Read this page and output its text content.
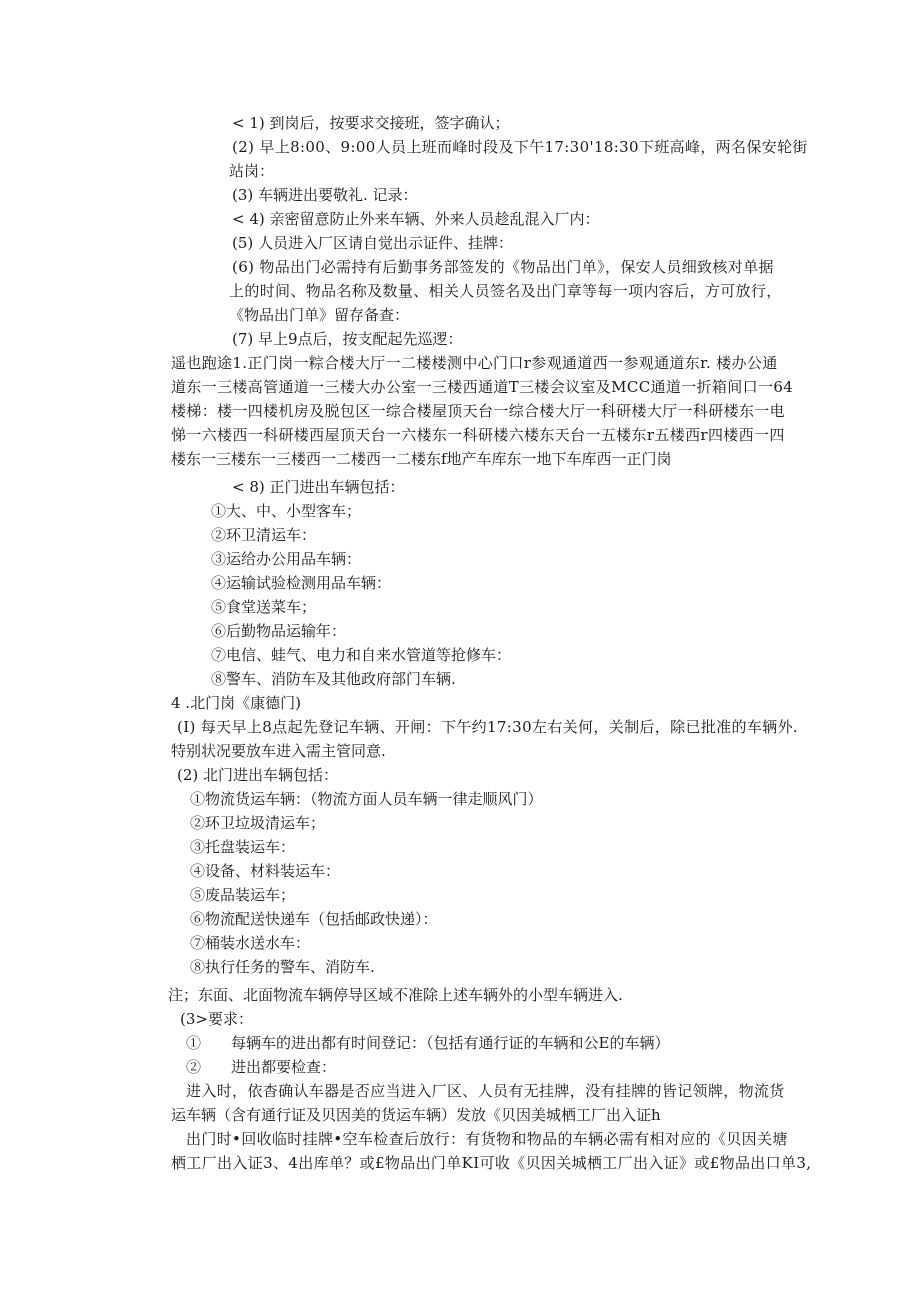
< 1) 到岗后，按要求交接班，签字确认；
(2) 早上8:00、9:00人员上班而峰时段及下午17:30'18:30下班高峰，两名保安轮街
站岗：
(3) 车辆进出要敬礼. 记录：
< 4) 亲密留意防止外来车辆、外来人员趁乱混入厂内：
(5) 人员进入厂区请自觉出示证件、挂牌：
(6) 物品出门必需持有后勤事务部签发的《物品出门单》，保安人员细致核对单据
上的时间、物品名称及数量、相关人员签名及出门章等每一项内容后，方可放行，
《物品出门单》留存备查：
(7) 早上9点后，按支配起先巡逻：
遥也跑途1.正门岗一粽合楼大厅一二楼楼测中心门口r参观通道西一参观通道东r. 楼办公通
道东一三楼高管通道一三楼大办公室一三楼西通道T三楼会议室及MCC通道一折箱间口一64
楼梯：楼一四楼机房及脱包区一综合楼屋顶天台一综合楼大厅一科研楼大厅一科研楼东一电
悌一六楼西一科研楼西屋顶天台一六楼东一科研楼六楼东天台一五楼东r五楼西r四楼西一四
楼东一三楼东一三楼西一二楼西一二楼东f地产车库东一地下车库西一正门岗
< 8) 正门进出车辆包括：
①大、中、小型客车；
②环卫清运车：
③运给办公用品车辆：
④运输试验检测用品车辆：
⑤食堂送菜车；
⑥后勤物品运输年：
⑦电信、蛙气、电力和自来水管道等抢修车：
⑧警车、消防车及其他政府部门车辆.
4 .北门岗《康德门)
(I) 每天早上8点起先登记车辆、开闸：下午约17:30左右关何，关制后，除已批准的车辆外.
特别状况要放车进入需主管同意.
(2) 北门进出车辆包括：
①物流货运车辆：（物流方面人员车辆一律走顺风门）
②环卫垃圾清运车；
③托盘装运车：
④设备、材料装运车：
⑤废品装运车；
⑥物流配送快递车（包括邮政快递）：
⑦桶装水送水车：
⑧执行任务的警车、消防车.
注；东面、北面物流车辆停导区域不准除上述车辆外的小型车辆进入.
(3>要求：
①　　每辆车的进出都有时间登记：（包括有通行证的车辆和公E的车辆）
②　　进出都要检查：
进入时，依杳确认车器是否应当进入厂区、人员有无挂牌，没有挂牌的皆记领牌，物流货
运车辆（含有通行证及贝因美的货运车辆）发放《贝因美城栖工厂出入证h
出门时•回收临时挂牌•空车检查后放行：有货物和物品的车辆必需有相对应的《贝因关塘
栖工厂出入证3、4出库单？或£物品出门单KI可收《贝因关城栖工厂出入证》或£物品出口单3,
